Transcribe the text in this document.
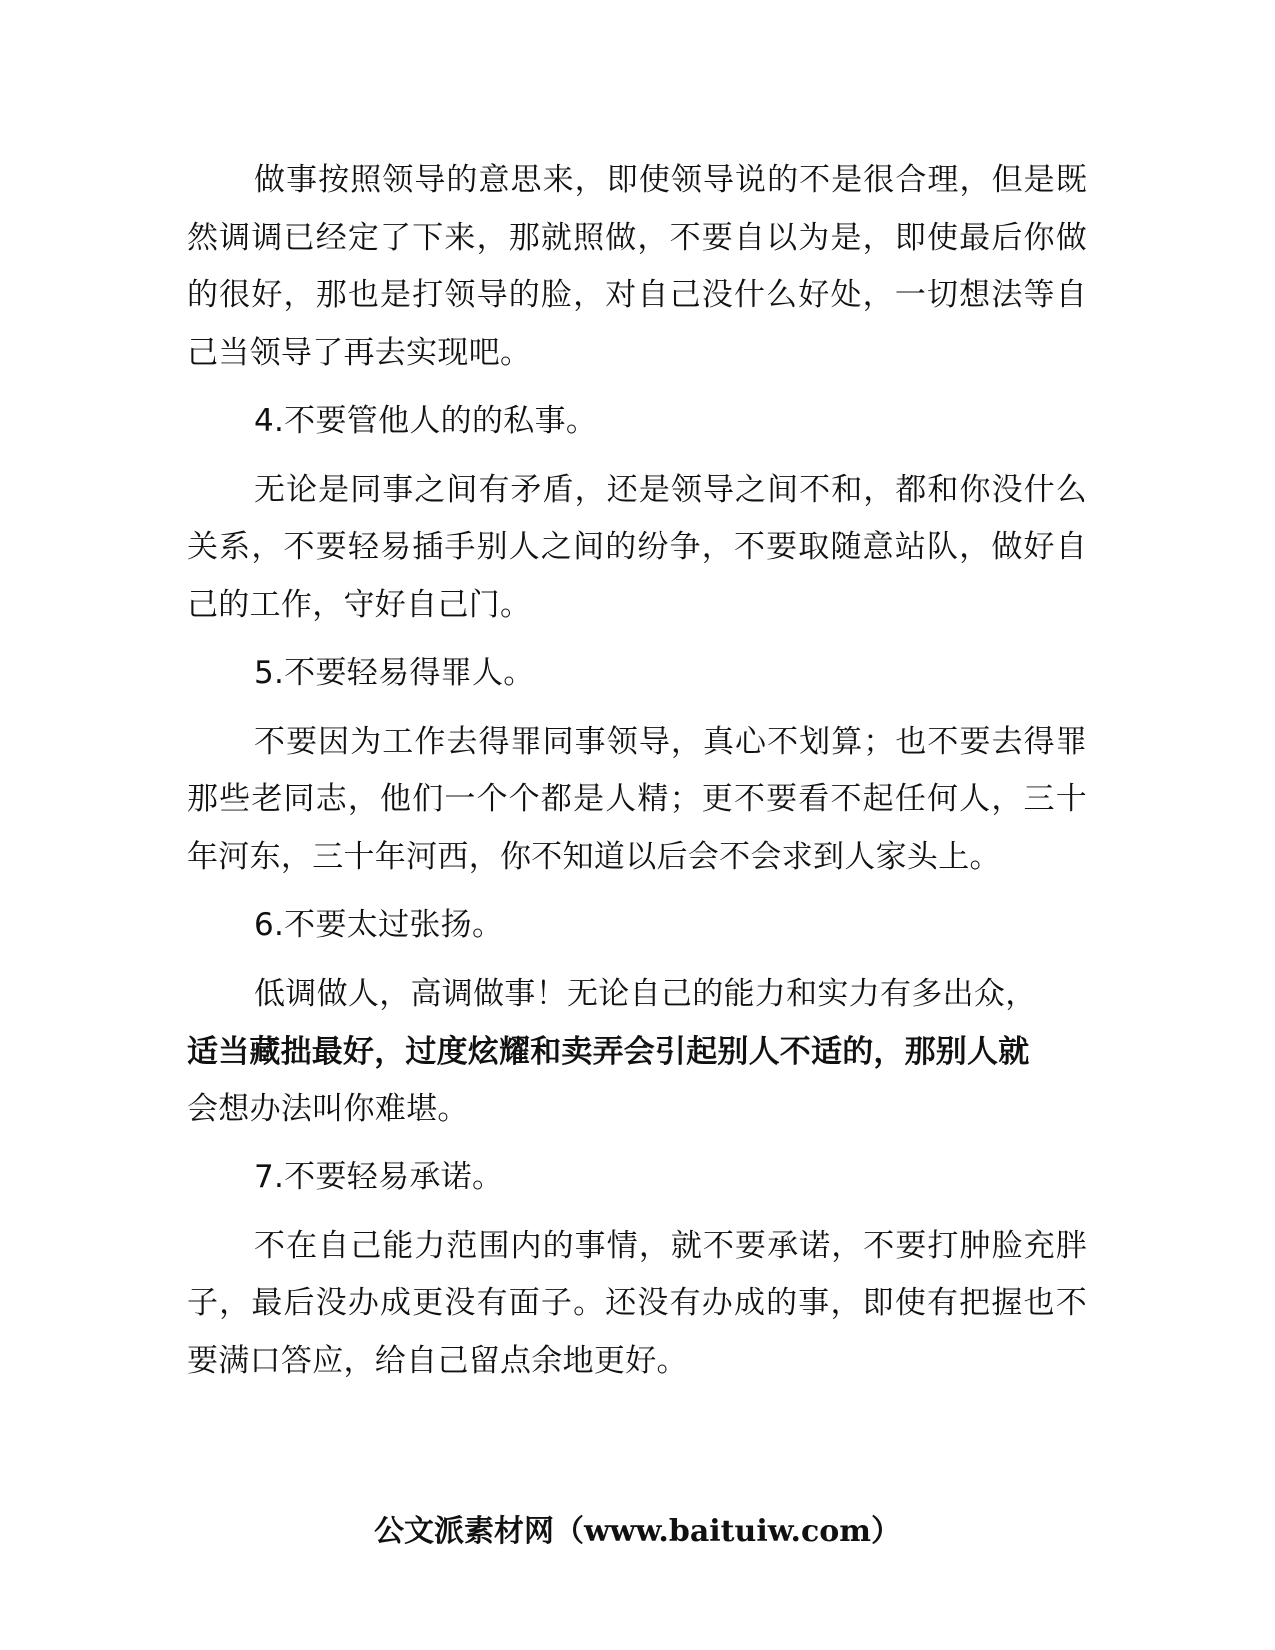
做事按照领导的意思来，即使领导说的不是很合理，但是既然调调已经定了下来，那就照做，不要自以为是，即使最后你做的很好，那也是打领导的脸，对自己没什么好处，一切想法等自己当领导了再去实现吧。

4.不要管他人的的私事。

无论是同事之间有矛盾，还是领导之间不和，都和你没什么关系，不要轻易插手别人之间的纷争，不要取随意站队，做好自己的工作，守好自己门。

5.不要轻易得罪人。

不要因为工作去得罪同事领导，真心不划算；也不要去得罪那些老同志，他们一个个都是人精；更不要看不起任何人，三十年河东，三十年河西，你不知道以后会不会求到人家头上。

6.不要太过张扬。

低调做人，高调做事！无论自己的能力和实力有多出众，
适当藏拙最好，过度炫耀和卖弄会引起别人不适的，那别人就
会想办法叫你难堪。

7.不要轻易承诺。

不在自己能力范围内的事情，就不要承诺，不要打肿脸充胖子，最后没办成更没有面子。还没有办成的事，即使有把握也不要满口答应，给自己留点余地更好。

公文派素材网（www.baituiw.com）
